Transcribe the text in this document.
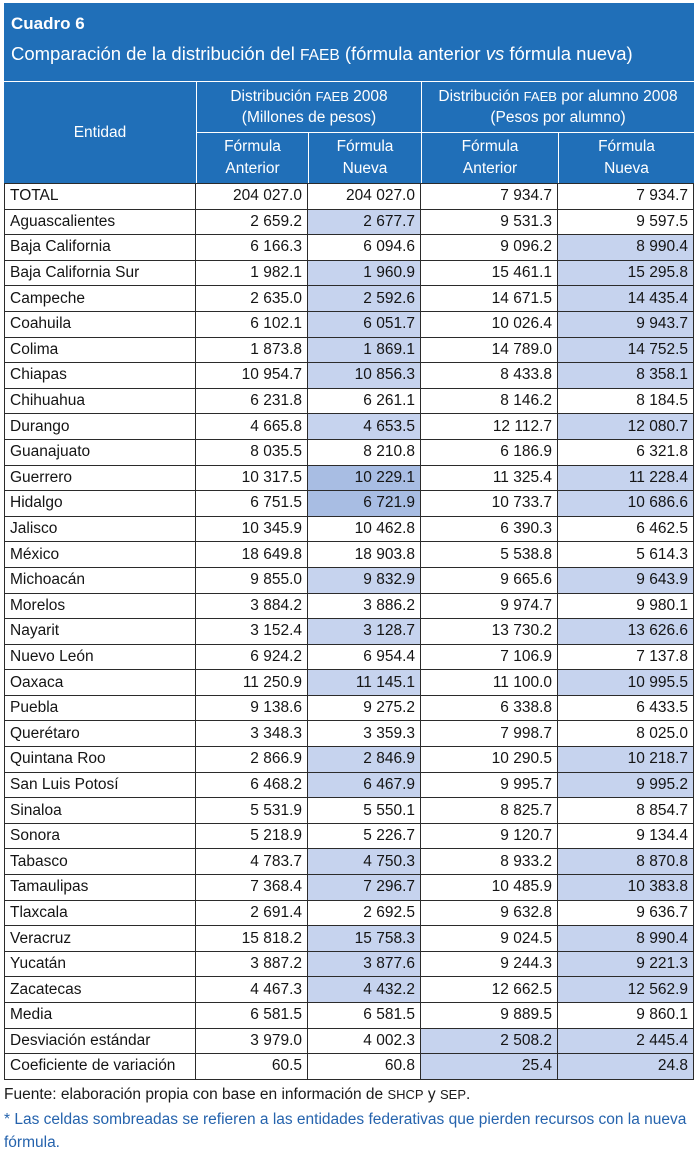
Cuadro 6
Comparación de la distribución del FAEB (fórmula anterior vs fórmula nueva)
Entidad
Distribución FAEB 2008
(Millones de pesos)
Distribución FAEB por alumno 2008
(Pesos por alumno)
Fórmula
Anterior
Fórmula
Nueva
Fórmula
Anterior
Fórmula
Nueva
TOTAL	204 027.0	204 027.0	7 934.7	7 934.7
Aguascalientes	2 659.2	2 677.7	9 531.3	9 597.5
Baja California	6 166.3	6 094.6	9 096.2	8 990.4
Baja California Sur	1 982.1	1 960.9	15 461.1	15 295.8
Campeche	2 635.0	2 592.6	14 671.5	14 435.4
Coahuila	6 102.1	6 051.7	10 026.4	9 943.7
Colima	1 873.8	1 869.1	14 789.0	14 752.5
Chiapas	10 954.7	10 856.3	8 433.8	8 358.1
Chihuahua	6 231.8	6 261.1	8 146.2	8 184.5
Durango	4 665.8	4 653.5	12 112.7	12 080.7
Guanajuato	8 035.5	8 210.8	6 186.9	6 321.8
Guerrero	10 317.5	10 229.1	11 325.4	11 228.4
Hidalgo	6 751.5	6 721.9	10 733.7	10 686.6
Jalisco	10 345.9	10 462.8	6 390.3	6 462.5
México	18 649.8	18 903.8	5 538.8	5 614.3
Michoacán	9 855.0	9 832.9	9 665.6	9 643.9
Morelos	3 884.2	3 886.2	9 974.7	9 980.1
Nayarit	3 152.4	3 128.7	13 730.2	13 626.6
Nuevo León	6 924.2	6 954.4	7 106.9	7 137.8
Oaxaca	11 250.9	11 145.1	11 100.0	10 995.5
Puebla	9 138.6	9 275.2	6 338.8	6 433.5
Querétaro	3 348.3	3 359.3	7 998.7	8 025.0
Quintana Roo	2 866.9	2 846.9	10 290.5	10 218.7
San Luis Potosí	6 468.2	6 467.9	9 995.7	9 995.2
Sinaloa	5 531.9	5 550.1	8 825.7	8 854.7
Sonora	5 218.9	5 226.7	9 120.7	9 134.4
Tabasco	4 783.7	4 750.3	8 933.2	8 870.8
Tamaulipas	7 368.4	7 296.7	10 485.9	10 383.8
Tlaxcala	2 691.4	2 692.5	9 632.8	9 636.7
Veracruz	15 818.2	15 758.3	9 024.5	8 990.4
Yucatán	3 887.2	3 877.6	9 244.3	9 221.3
Zacatecas	4 467.3	4 432.2	12 662.5	12 562.9
Media	6 581.5	6 581.5	9 889.5	9 860.1
Desviación estándar	3 979.0	4 002.3	2 508.2	2 445.4
Coeficiente de variación	60.5	60.8	25.4	24.8
Fuente: elaboración propia con base en información de SHCP y SEP.
* Las celdas sombreadas se refieren a las entidades federativas que pierden recursos con la nueva fórmula.
